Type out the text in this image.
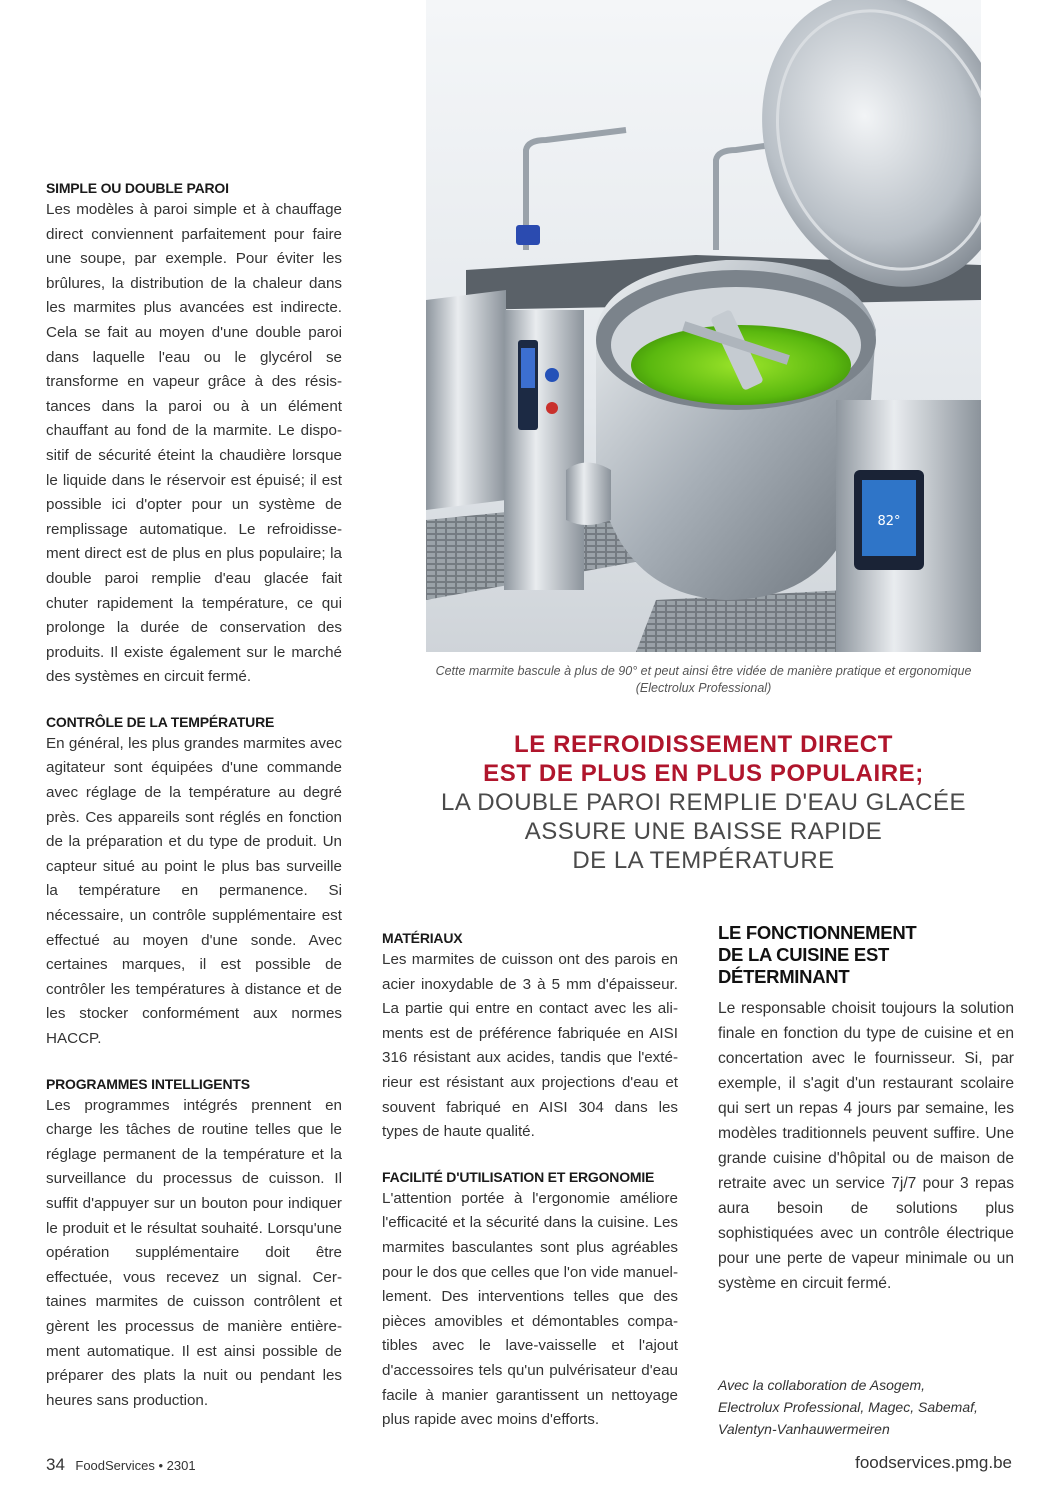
SIMPLE OU DOUBLE PAROI
Les modèles à paroi simple et à chauffage direct conviennent parfaitement pour faire une soupe, par exemple. Pour éviter les brûlures, la distribution de la chaleur dans les marmites plus avancées est indirecte. Cela se fait au moyen d'une double paroi dans laquelle l'eau ou le glycérol se transforme en vapeur grâce à des résistances dans la paroi ou à un élément chauffant au fond de la marmite. Le dispositif de sécurité éteint la chaudière lorsque le liquide dans le réservoir est épuisé; il est possible ici d'opter pour un système de remplissage automatique. Le refroidissement direct est de plus en plus populaire; la double paroi remplie d'eau glacée fait chuter rapidement la température, ce qui prolonge la durée de conservation des produits. Il existe également sur le marché des systèmes en circuit fermé.
CONTRÔLE DE LA TEMPÉRATURE
En général, les plus grandes marmites avec agitateur sont équipées d'une commande avec réglage de la température au degré près. Ces appareils sont réglés en fonction de la préparation et du type de produit. Un capteur situé au point le plus bas surveille la température en permanence. Si nécessaire, un contrôle supplémentaire est effectué au moyen d'une sonde. Avec certaines marques, il est possible de contrôler les températures à distance et de les stocker conformément aux normes HACCP.
PROGRAMMES INTELLIGENTS
Les programmes intégrés prennent en charge les tâches de routine telles que le réglage permanent de la température et la surveillance du processus de cuisson. Il suffit d'appuyer sur un bouton pour indiquer le produit et le résultat souhaité. Lorsqu'une opération supplémentaire doit être effectuée, vous recevez un signal. Certaines marmites de cuisson contrôlent et gèrent les processus de manière entièrement automatique. Il est ainsi possible de préparer des plats la nuit ou pendant les heures sans production.
82°
Cette marmite bascule à plus de 90° et peut ainsi être vidée de manière pratique et ergonomique
(Electrolux Professional)
LE REFROIDISSEMENT DIRECT
EST DE PLUS EN PLUS POPULAIRE;
LA DOUBLE PAROI REMPLIE D'EAU GLACÉE
ASSURE UNE BAISSE RAPIDE
DE LA TEMPÉRATURE
MATÉRIAUX
Les marmites de cuisson ont des parois en acier inoxydable de 3 à 5 mm d'épaisseur. La partie qui entre en contact avec les aliments est de préférence fabriquée en AISI 316 résistant aux acides, tandis que l'extérieur est résistant aux projections d'eau et souvent fabriqué en AISI 304 dans les types de haute qualité.
FACILITÉ D'UTILISATION ET ERGONOMIE
L'attention portée à l'ergonomie améliore l'efficacité et la sécurité dans la cuisine. Les marmites basculantes sont plus agréables pour le dos que celles que l'on vide manuellement. Des interventions telles que des pièces amovibles et démontables compatibles avec le lave-vaisselle et l'ajout d'accessoires tels qu'un pulvérisateur d'eau facile à manier garantissent un nettoyage plus rapide avec moins d'efforts.
LE FONCTIONNEMENT
DE LA CUISINE EST DÉTERMINANT
Le responsable choisit toujours la solution finale en fonction du type de cuisine et en concertation avec le fournisseur. Si, par exemple, il s'agit d'un restaurant scolaire qui sert un repas 4 jours par semaine, les modèles traditionnels peuvent suffire. Une grande cuisine d'hôpital ou de maison de retraite avec un service 7j/7 pour 3 repas aura besoin de solutions plus sophistiquées avec un contrôle électrique pour une perte de vapeur minimale ou un système en circuit fermé.
Avec la collaboration de Asogem,
Electrolux Professional, Magec, Sabemaf,
Valentyn-Vanhauwermeiren
34 FoodServices • 2301	foodservices.pmg.be
